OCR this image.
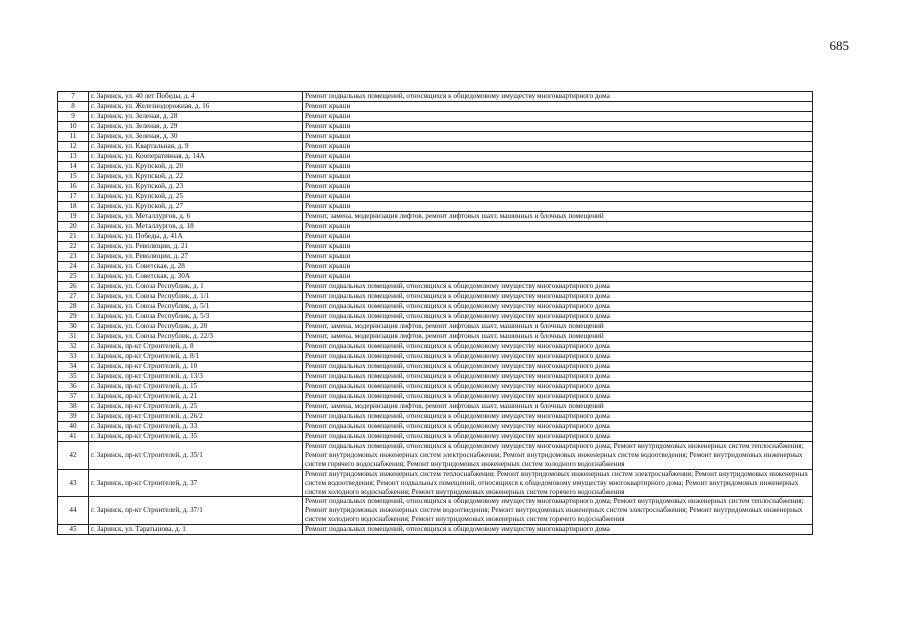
685
7	г. Заринск, ул. 40 лет Победы, д. 4	Ремонт подвальных помещений, относящихся к общедомовому имуществу многоквартирного дома
8	г. Заринск, ул. Железнодорожная, д. 16	Ремонт крыши
9	г. Заринск, ул. Зеленая, д. 28	Ремонт крыши
10	г. Заринск, ул. Зеленая, д. 29	Ремонт крыши
11	г. Заринск, ул. Зеленая, д. 30	Ремонт крыши
12	г. Заринск, ул. Квартальная, д. 9	Ремонт крыши
13	г. Заринск, ул. Кооперативная, д. 14А	Ремонт крыши
14	г. Заринск, ул. Крупской, д. 20	Ремонт крыши
15	г. Заринск, ул. Крупской, д. 22	Ремонт крыши
16	г. Заринск, ул. Крупской, д. 23	Ремонт крыши
17	г. Заринск, ул. Крупской, д. 25	Ремонт крыши
18	г. Заринск, ул. Крупской, д. 27	Ремонт крыши
19	г. Заринск, ул. Металлургов, д. 6	Ремонт, замена, модернизация лифтов, ремонт лифтовых шахт, машинных и блочных помещений
20	г. Заринск, ул. Металлургов, д. 18	Ремонт крыши
21	г. Заринск, ул. Победы, д. 41А	Ремонт крыши
22	г. Заринск, ул. Революции, д. 21	Ремонт крыши
23	г. Заринск, ул. Революции, д. 27	Ремонт крыши
24	г. Заринск, ул. Советская, д. 28	Ремонт крыши
25	г. Заринск, ул. Советская, д. 30А	Ремонт крыши
26	г. Заринск, ул. Союза Республик, д. 1	Ремонт подвальных помещений, относящихся к общедомовому имуществу многоквартирного дома
27	г. Заринск, ул. Союза Республик, д. 1/1	Ремонт подвальных помещений, относящихся к общедомовому имуществу многоквартирного дома
28	г. Заринск, ул. Союза Республик, д. 5/1	Ремонт подвальных помещений, относящихся к общедомовому имуществу многоквартирного дома
29	г. Заринск, ул. Союза Республик, д. 5/3	Ремонт подвальных помещений, относящихся к общедомовому имуществу многоквартирного дома
30	г. Заринск, ул. Союза Республик, д. 20	Ремонт, замена, модернизация лифтов, ремонт лифтовых шахт, машинных и блочных помещений
31	г. Заринск, ул. Союза Республик, д. 22/3	Ремонт, замена, модернизация лифтов, ремонт лифтовых шахт, машинных и блочных помещений
32	г. Заринск, пр-кт Строителей, д. 8	Ремонт подвальных помещений, относящихся к общедомовому имуществу многоквартирного дома
33	г. Заринск, пр-кт Строителей, д. 8/1	Ремонт подвальных помещений, относящихся к общедомовому имуществу многоквартирного дома
34	г. Заринск, пр-кт Строителей, д. 10	Ремонт подвальных помещений, относящихся к общедомовому имуществу многоквартирного дома
35	г. Заринск, пр-кт Строителей, д. 13/3	Ремонт подвальных помещений, относящихся к общедомовому имуществу многоквартирного дома
36	г. Заринск, пр-кт Строителей, д. 15	Ремонт подвальных помещений, относящихся к общедомовому имуществу многоквартирного дома
37	г. Заринск, пр-кт Строителей, д. 21	Ремонт подвальных помещений, относящихся к общедомовому имуществу многоквартирного дома
38	г. Заринск, пр-кт Строителей, д. 25	Ремонт, замена, модернизация лифтов, ремонт лифтовых шахт, машинных и блочных помещений
39	г. Заринск, пр-кт Строителей, д. 26/2	Ремонт подвальных помещений, относящихся к общедомовому имуществу многоквартирного дома
40	г. Заринск, пр-кт Строителей, д. 33	Ремонт подвальных помещений, относящихся к общедомовому имуществу многоквартирного дома
41	г. Заринск, пр-кт Строителей, д. 35	Ремонт подвальных помещений, относящихся к общедомовому имуществу многоквартирного дома
42	г. Заринск, пр-кт Строителей, д. 35/1	Ремонт подвальных помещений, относящихся к общедомовому имуществу многоквартирного дома; Ремонт внутридомовых инженерных систем теплоснабжения; Ремонт внутридомовых инженерных систем электроснабжения; Ремонт внутридомовых инженерных систем водоотведения; Ремонт внутридомовых инженерных систем горячего водоснабжения; Ремонт внутридомовых инженерных систем холодного водоснабжения
43	г. Заринск, пр-кт Строителей, д. 37	Ремонт внутридомовых инженерных систем теплоснабжения; Ремонт внутридомовых инженерных систем электроснабжения; Ремонт внутридомовых инженерных систем водоотведения; Ремонт подвальных помещений, относящихся к общедомовому имуществу многоквартирного дома; Ремонт внутридомовых инженерных систем холодного водоснабжения; Ремонт внутридомовых инженерных систем горячего водоснабжения
44	г. Заринск, пр-кт Строителей, д. 37/1	Ремонт подвальных помещений, относящихся к общедомовому имуществу многоквартирного дома; Ремонт внутридомовых инженерных систем теплоснабжения; Ремонт внутридомовых инженерных систем водоотведения; Ремонт внутридомовых инженерных систем электроснабжения; Ремонт внутридомовых инженерных систем холодного водоснабжения; Ремонт внутридомовых инженерных систем горячего водоснабжения
45	г. Заринск, ул. Таратынова, д. 1	Ремонт подвальных помещений, относящихся к общедомовому имуществу многоквартирного дома
